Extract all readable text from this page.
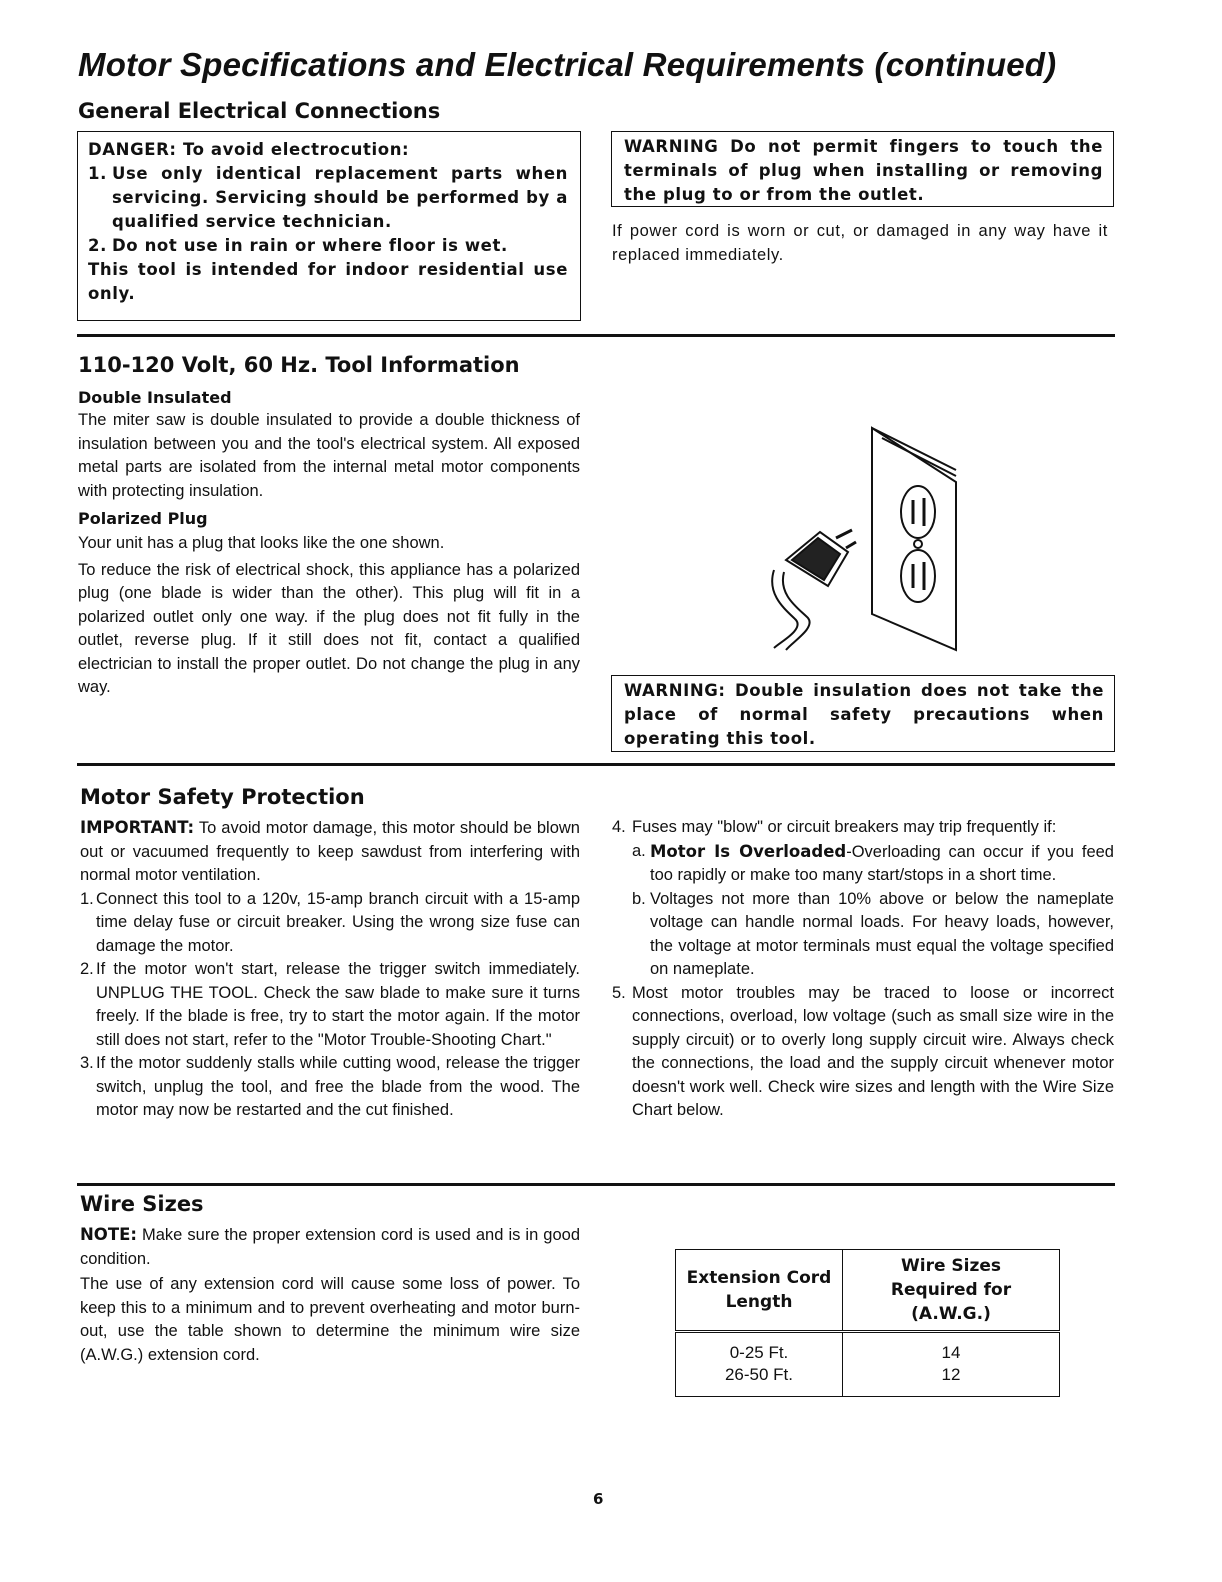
Motor Specifications and Electrical Requirements (continued)
General Electrical Connections

DANGER: To avoid electrocution:

1. Use only identical replacement parts when servicing. Servicing should be performed by a qualified service technician.
2. Do not use in rain or where floor is wet.

This tool is intended for indoor residential use only.

WARNING Do not permit fingers to touch the terminals of plug when installing or removing the plug to or from the outlet.

If power cord is worn or cut, or damaged in any way have it replaced immediately.

110-120 Volt, 60 Hz. Tool Information

Double Insulated

The miter saw is double insulated to provide a double thickness of insulation between you and the tool's electrical system. All exposed metal parts are isolated from the internal metal motor components with protecting insulation.

Polarized Plug

Your unit has a plug that looks like the one shown.

To reduce the risk of electrical shock, this appliance has a polarized plug (one blade is wider than the other). This plug will fit in a polarized outlet only one way. if the plug does not fit fully in the outlet, reverse plug. If it still does not fit, contact a qualified electrician to install the proper outlet. Do not change the plug in any way.	WARNING: Double insulation does not take the place of normal safety precautions when operating this tool.

Motor Safety Protection

IMPORTANT: To avoid motor damage, this motor should be blown out or vacuumed frequently to keep sawdust from interfering with normal motor ventilation.

1. Connect this tool to a 120v, 15-amp branch circuit with a 15-amp time delay fuse or circuit breaker. Using the wrong size fuse can damage the motor.
2. If the motor won't start, release the trigger switch immediately. UNPLUG THE TOOL. Check the saw blade to make sure it turns freely. If the blade is free, try to start the motor again. If the motor still does not start, refer to the "Motor Trouble-Shooting Chart."
3. If the motor suddenly stalls while cutting wood, release the trigger switch, unplug the tool, and free the blade from the wood. The motor may now be restarted and the cut finished.
4. Fuses may "blow" or circuit breakers may trip frequently if:
a. Motor Is Overloaded-Overloading can occur if you feed too rapidly or make too many start/stops in a short time.
b. Voltages not more than 10% above or below the nameplate voltage can handle normal loads. For heavy loads, however, the voltage at motor terminals must equal the voltage specified on nameplate.
5. Most motor troubles may be traced to loose or incorrect connections, overload, low voltage (such as small size wire in the supply circuit) or to overly long supply circuit wire. Always check the connections, the load and the supply circuit whenever motor doesn't work well. Check wire sizes and length with the Wire Size Chart below.
Wire Sizes

NOTE: Make sure the proper extension cord is used and is in good condition.

The use of any extension cord will cause some loss of power. To keep this to a minimum and to prevent overheating and motor burn-out, use the table shown to determine the minimum wire size (A.W.G.) extension cord.

Extension Cord Length	Wire Sizes Required for (A.W.G.)
0-25 Ft.	14
26-50 Ft.	12
6
